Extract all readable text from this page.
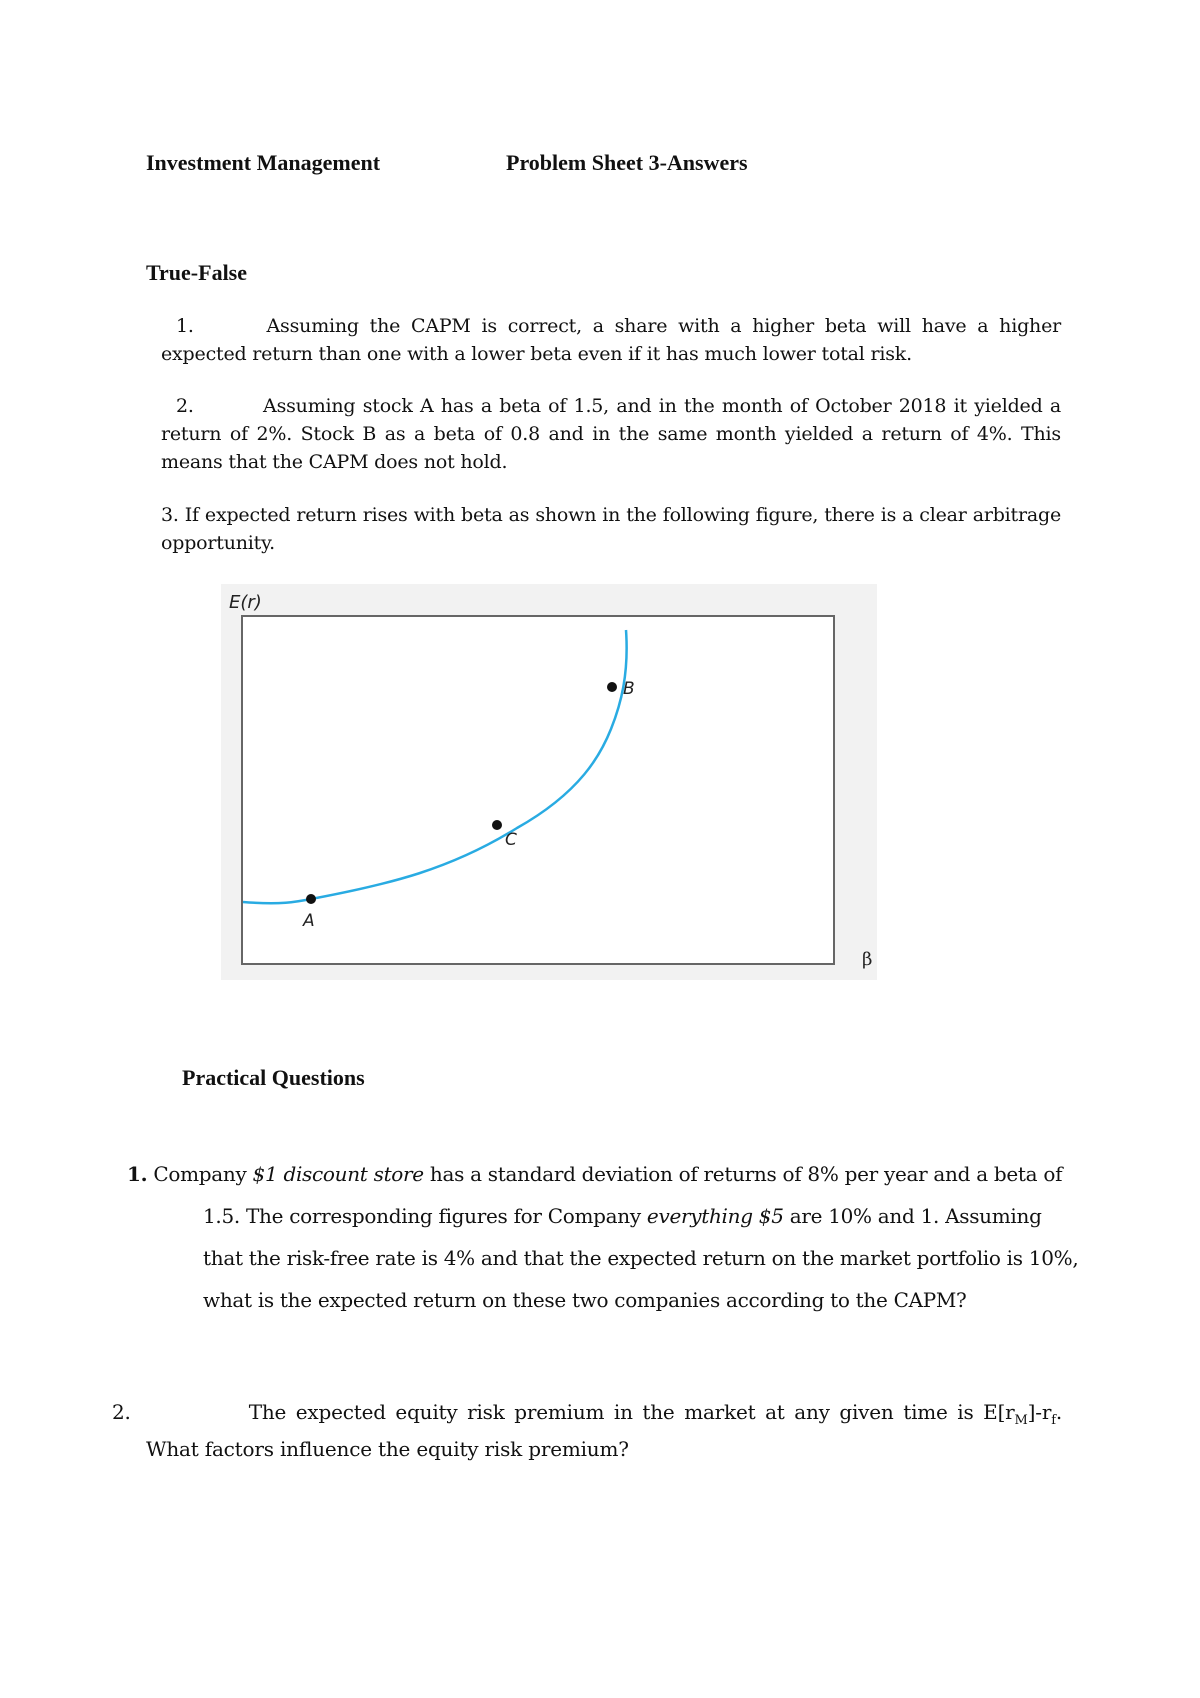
Investment Management	Problem Sheet 3-Answers
True-False
1.	Assuming the CAPM is correct, a share with a higher beta will have a higher expected return than one with a lower beta even if it has much lower total risk.
2.	Assuming stock A has a beta of 1.5, and in the month of October 2018 it yielded a return of 2%. Stock B as a beta of 0.8 and in the same month yielded a return of 4%. This means that the CAPM does not hold.
3. If expected return rises with beta as shown in the following figure, there is a clear arbitrage opportunity.
E(r)
β
A
C
B
Practical Questions
1. Company $1 discount store has a standard deviation of returns of 8% per year and a beta of
1.5. The corresponding figures for Company everything $5 are 10% and 1. Assuming
that the risk-free rate is 4% and that the expected return on the market portfolio is 10%,
what is the expected return on these two companies according to the CAPM?
2.	The expected equity risk premium in the market at any given time is $E[r_M]-r_f$.
What factors influence the equity risk premium?
